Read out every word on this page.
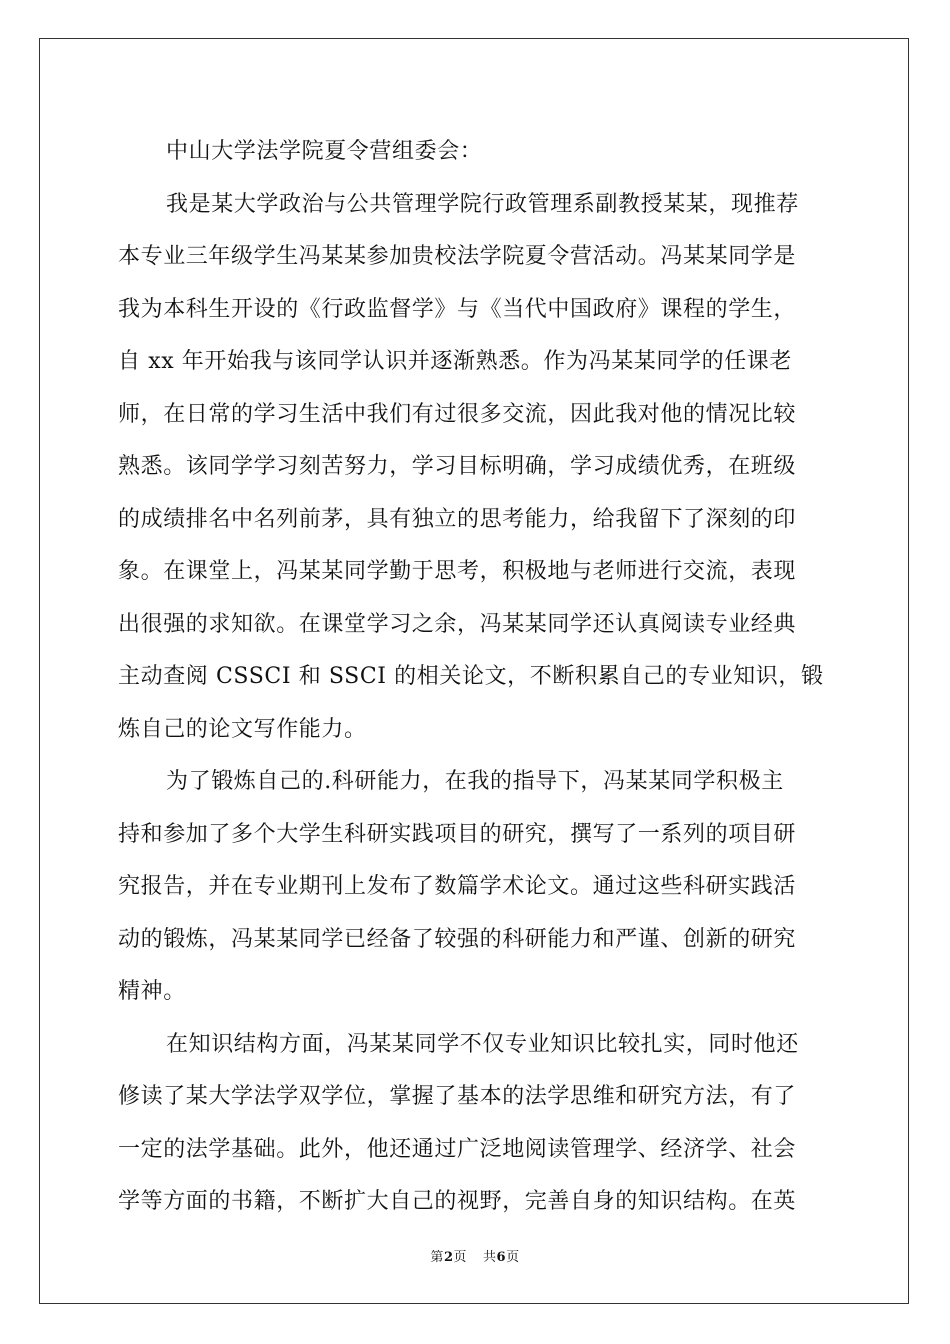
中山大学法学院夏令营组委会：
我是某大学政治与公共管理学院行政管理系副教授某某，现推荐
本专业三年级学生冯某某参加贵校法学院夏令营活动。冯某某同学是
我为本科生开设的《行政监督学》与《当代中国政府》课程的学生，
自 xx 年开始我与该同学认识并逐渐熟悉。作为冯某某同学的任课老
师，在日常的学习生活中我们有过很多交流，因此我对他的情况比较
熟悉。该同学学习刻苦努力，学习目标明确，学习成绩优秀，在班级
的成绩排名中名列前茅，具有独立的思考能力，给我留下了深刻的印
象。在课堂上，冯某某同学勤于思考，积极地与老师进行交流，表现
出很强的求知欲。在课堂学习之余，冯某某同学还认真阅读专业经典
主动查阅 CSSCI 和 SSCI 的相关论文，不断积累自己的专业知识，锻
炼自己的论文写作能力。
为了锻炼自己的.科研能力，在我的指导下，冯某某同学积极主
持和参加了多个大学生科研实践项目的研究，撰写了一系列的项目研
究报告，并在专业期刊上发布了数篇学术论文。通过这些科研实践活
动的锻炼，冯某某同学已经备了较强的科研能力和严谨、创新的研究
精神。
在知识结构方面，冯某某同学不仅专业知识比较扎实，同时他还
修读了某大学法学双学位，掌握了基本的法学思维和研究方法，有了
一定的法学基础。此外，他还通过广泛地阅读管理学、经济学、社会
学等方面的书籍，不断扩大自己的视野，完善自身的知识结构。在英
第2页 共6页
